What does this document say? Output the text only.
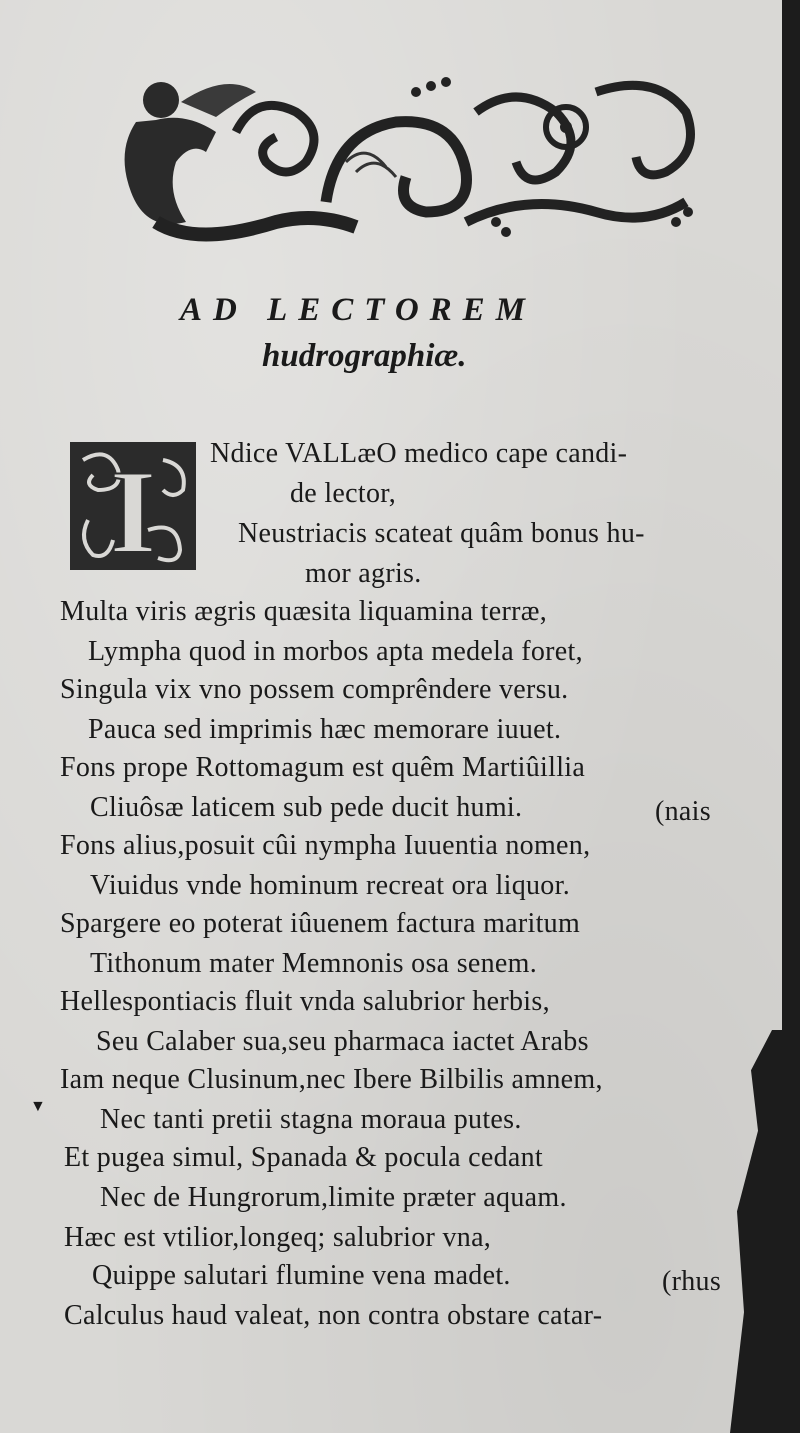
AD LECTOREM
hudrographiæ.
I Ndice VALLæO medico cape candi-
de lector,
Neustriacis scateat quâm bonus hu-
mor agris.
Multa viris ægris quæsita liquamina terræ,
Lympha quod in morbos apta medela foret,
Singula vix vno possem comprêndere versu.
Pauca sed imprimis hæc memorare iuuet.
Fons prope Rottomagum est quêm Martiûillia
Cliuôsæ laticem sub pede ducit humi.	(nais
Fons alius,posuit cûi nympha Iuuentia nomen,
Viuidus vnde hominum recreat ora liquor.
Spargere eo poterat iûuenem factura maritum
Tithonum mater Memnonis osa senem.
Hellespontiacis fluit vnda salubrior herbis,
Seu Calaber sua,seu pharmaca iactet Arabs
Iam neque Clusinum,nec Ibere Bilbilis amnem,
Nec tanti pretii stagna moraua putes.
Et pugea simul, Spanada & pocula cedant
Nec de Hungrorum,limite præter aquam.
Hæc est vtilior,longeq; salubrior vna,
Quippe salutari flumine vena madet.	(rhus
Calculus haud valeat, non contra obstare catar-
▼
